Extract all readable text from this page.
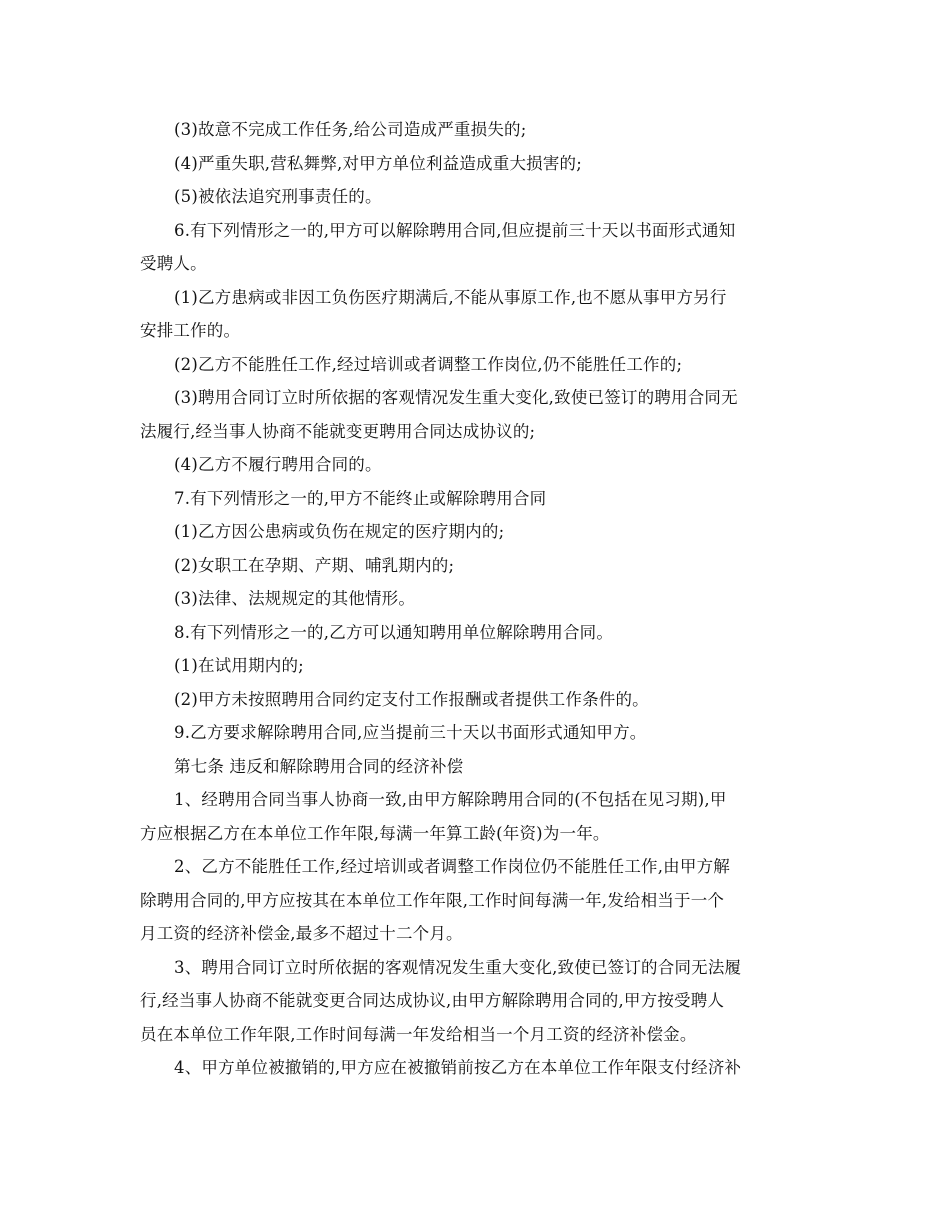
(3)故意不完成工作任务,给公司造成严重损失的;
(4)严重失职,营私舞弊,对甲方单位利益造成重大损害的;
(5)被依法追究刑事责任的。
6.有下列情形之一的,甲方可以解除聘用合同,但应提前三十天以书面形式通知
受聘人。
(1)乙方患病或非因工负伤医疗期满后,不能从事原工作,也不愿从事甲方另行
安排工作的。
(2)乙方不能胜任工作,经过培训或者调整工作岗位,仍不能胜任工作的;
(3)聘用合同订立时所依据的客观情况发生重大变化,致使已签订的聘用合同无
法履行,经当事人协商不能就变更聘用合同达成协议的;
(4)乙方不履行聘用合同的。
7.有下列情形之一的,甲方不能终止或解除聘用合同
(1)乙方因公患病或负伤在规定的医疗期内的;
(2)女职工在孕期、产期、哺乳期内的;
(3)法律、法规规定的其他情形。
8.有下列情形之一的,乙方可以通知聘用单位解除聘用合同。
(1)在试用期内的;
(2)甲方未按照聘用合同约定支付工作报酬或者提供工作条件的。
9.乙方要求解除聘用合同,应当提前三十天以书面形式通知甲方。
第七条 违反和解除聘用合同的经济补偿
1、经聘用合同当事人协商一致,由甲方解除聘用合同的(不包括在见习期),甲
方应根据乙方在本单位工作年限,每满一年算工龄(年资)为一年。
2、乙方不能胜任工作,经过培训或者调整工作岗位仍不能胜任工作,由甲方解
除聘用合同的,甲方应按其在本单位工作年限,工作时间每满一年,发给相当于一个
月工资的经济补偿金,最多不超过十二个月。
3、聘用合同订立时所依据的客观情况发生重大变化,致使已签订的合同无法履
行,经当事人协商不能就变更合同达成协议,由甲方解除聘用合同的,甲方按受聘人
员在本单位工作年限,工作时间每满一年发给相当一个月工资的经济补偿金。
4、甲方单位被撤销的,甲方应在被撤销前按乙方在本单位工作年限支付经济补
